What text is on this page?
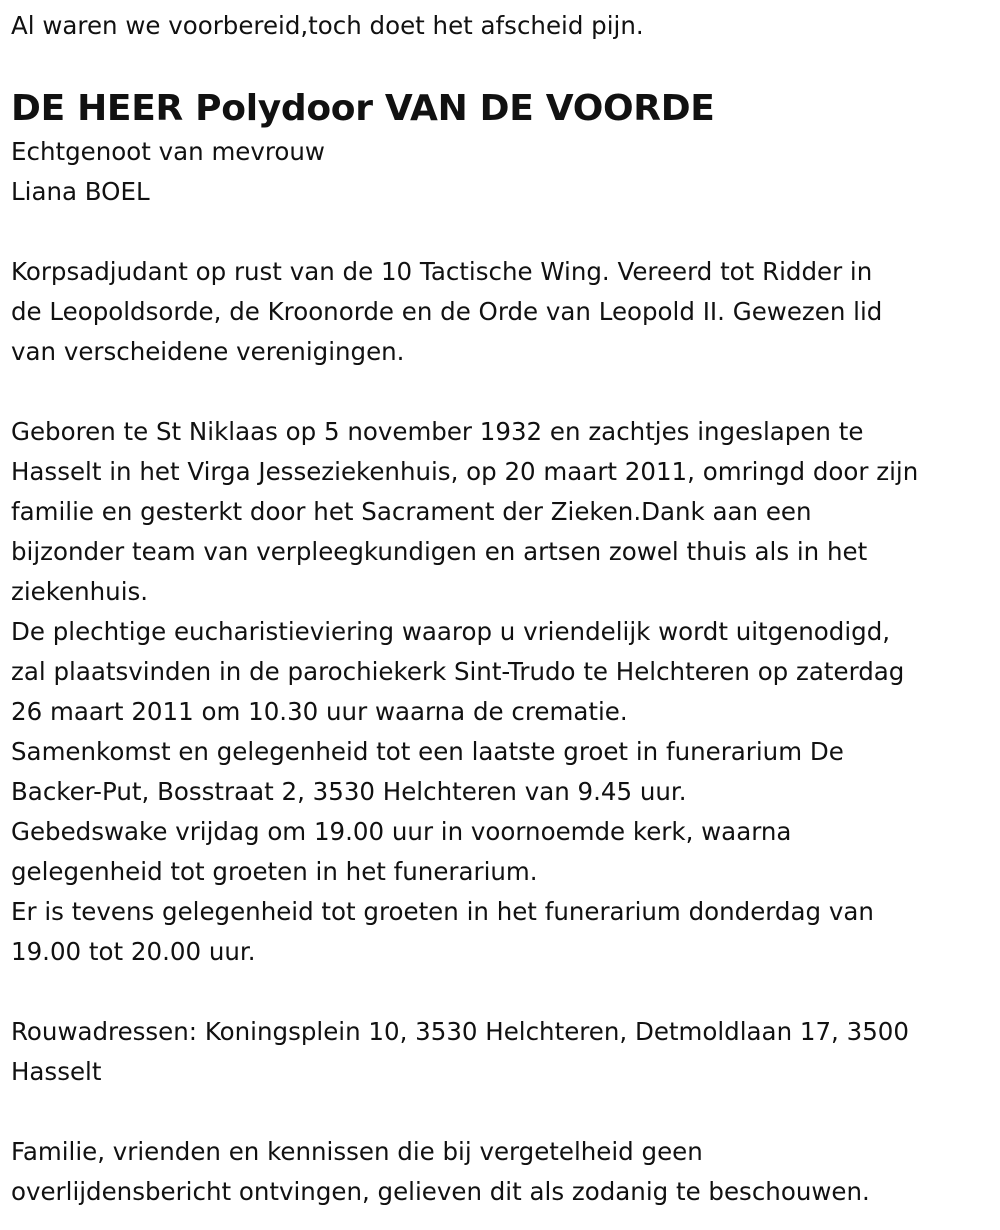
Al waren we voorbereid,toch doet het afscheid pijn.

DE HEER Polydoor VAN DE VOORDE

Echtgenoot van mevrouw

Liana BOEL

Korpsadjudant op rust van de 10 Tactische Wing. Vereerd tot Ridder in

de Leopoldsorde, de Kroonorde en de Orde van Leopold II. Gewezen lid

van verscheidene verenigingen.

Geboren te St Niklaas op 5 november 1932 en zachtjes ingeslapen te

Hasselt in het Virga Jesseziekenhuis, op 20 maart 2011, omringd door zijn

familie en gesterkt door het Sacrament der Zieken.Dank aan een

bijzonder team van verpleegkundigen en artsen zowel thuis als in het

ziekenhuis.

De plechtige eucharistieviering waarop u vriendelijk wordt uitgenodigd,

zal plaatsvinden in de parochiekerk Sint-Trudo te Helchteren op zaterdag

26 maart 2011 om 10.30 uur waarna de crematie.

Samenkomst en gelegenheid tot een laatste groet in funerarium De

Backer-Put, Bosstraat 2, 3530 Helchteren van 9.45 uur.

Gebedswake vrijdag om 19.00 uur in voornoemde kerk, waarna

gelegenheid tot groeten in het funerarium.

Er is tevens gelegenheid tot groeten in het funerarium donderdag van

19.00 tot 20.00 uur.

Rouwadressen: Koningsplein 10, 3530 Helchteren, Detmoldlaan 17, 3500

Hasselt

Familie, vrienden en kennissen die bij vergetelheid geen

overlijdensbericht ontvingen, gelieven dit als zodanig te beschouwen.
